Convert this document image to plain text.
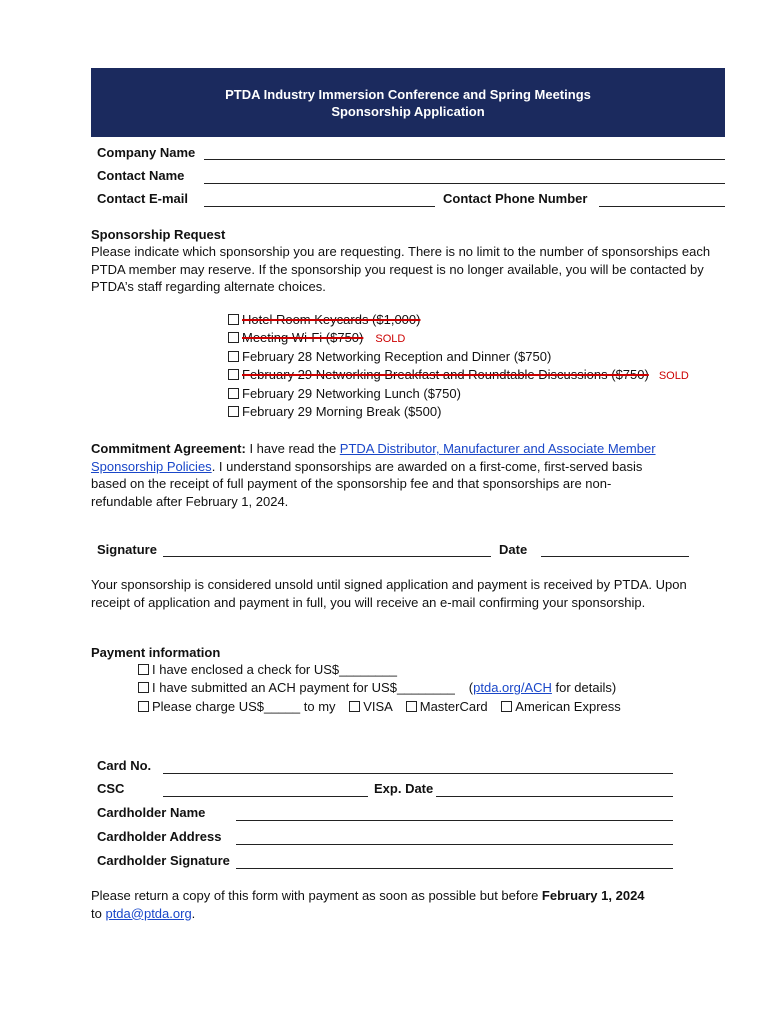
PTDA Industry Immersion Conference and Spring Meetings
Sponsorship Application
Company Name
Contact Name
Contact E-mail	Contact Phone Number
Sponsorship Request
Please indicate which sponsorship you are requesting. There is no limit to the number of sponsorships each PTDA member may reserve. If the sponsorship you request is no longer available, you will be contacted by PTDA’s staff regarding alternate choices.
Hotel Room Keycards ($1,000)
Meeting Wi-Fi ($750) SOLD
February 28 Networking Reception and Dinner ($750)
February 29 Networking Breakfast and Roundtable Discussions ($750) SOLD
February 29 Networking Lunch ($750)
February 29 Morning Break ($500)
Commitment Agreement: I have read the PTDA Distributor, Manufacturer and Associate Member Sponsorship Policies. I understand sponsorships are awarded on a first-come, first-served basis based on the receipt of full payment of the sponsorship fee and that sponsorships are non-refundable after February 1, 2024.
Signature	Date
Your sponsorship is considered unsold until signed application and payment is received by PTDA. Upon receipt of application and payment in full, you will receive an e-mail confirming your sponsorship.
Payment information
I have enclosed a check for US$________
I have submitted an ACH payment for US$________ (ptda.org/ACH for details)
Please charge US$_____ to my VISA MasterCard American Express
Card No.
CSC	Exp. Date
Cardholder Name
Cardholder Address
Cardholder Signature
Please return a copy of this form with payment as soon as possible but before February 1, 2024
to ptda@ptda.org.
